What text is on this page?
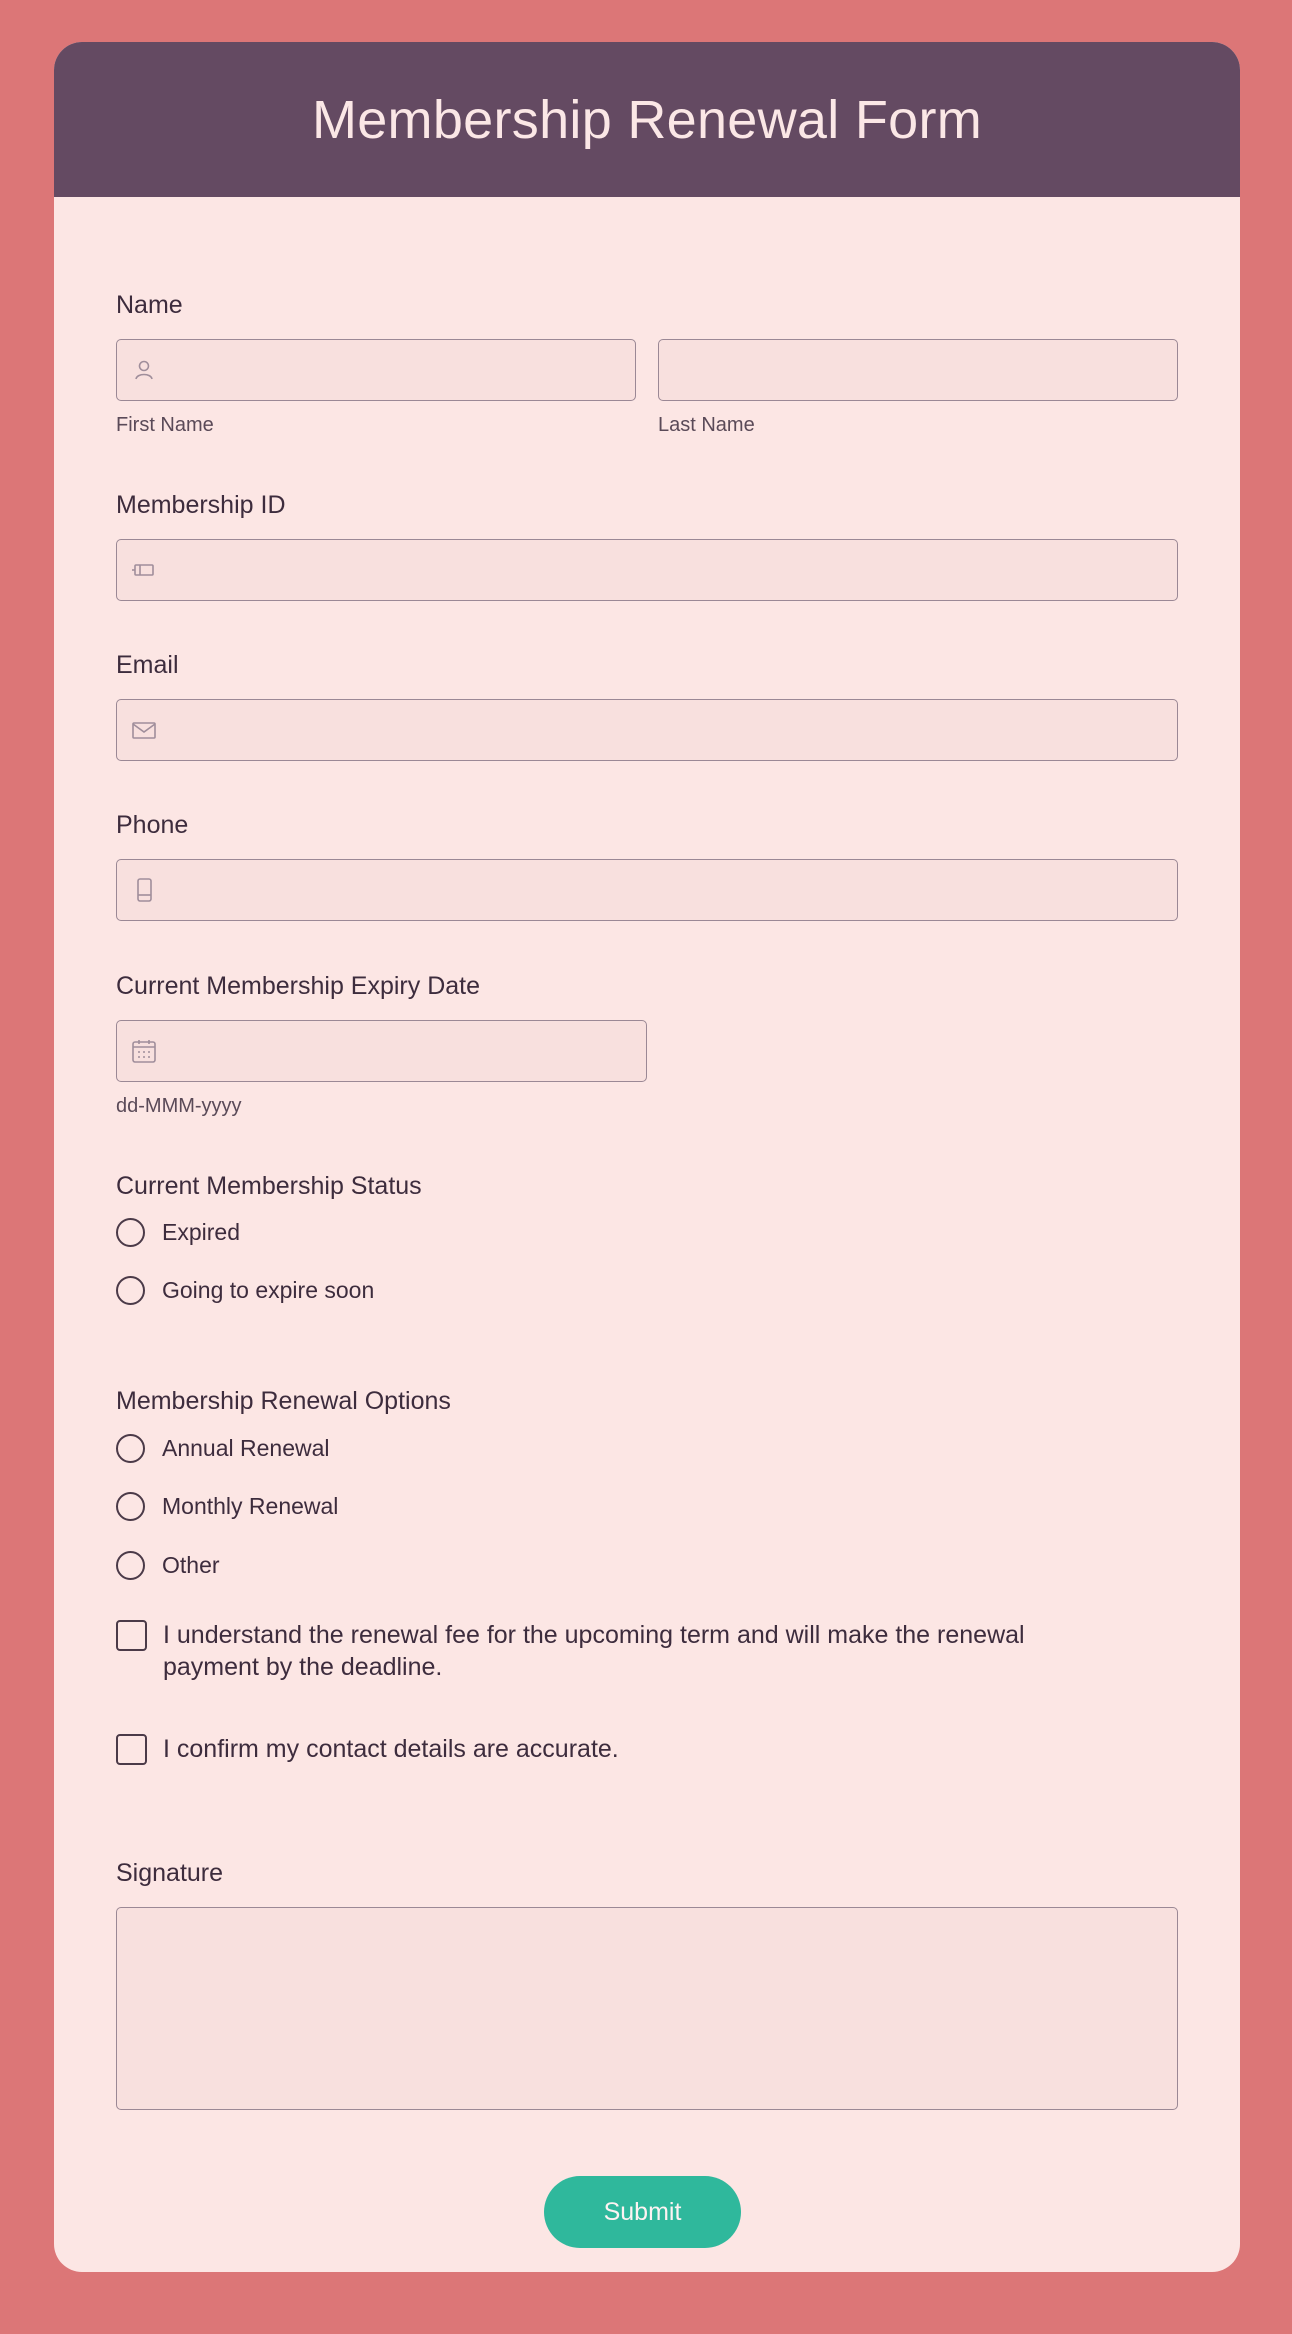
Membership Renewal Form
Name
First Name	Last Name
Membership ID
Email
Phone
Current Membership Expiry Date
dd-MMM-yyyy
Current Membership Status
Expired
Going to expire soon
Membership Renewal Options
Annual Renewal
Monthly Renewal
Other
I understand the renewal fee for the upcoming term and will make the renewal payment by the deadline.
I confirm my contact details are accurate.
Signature
Submit
